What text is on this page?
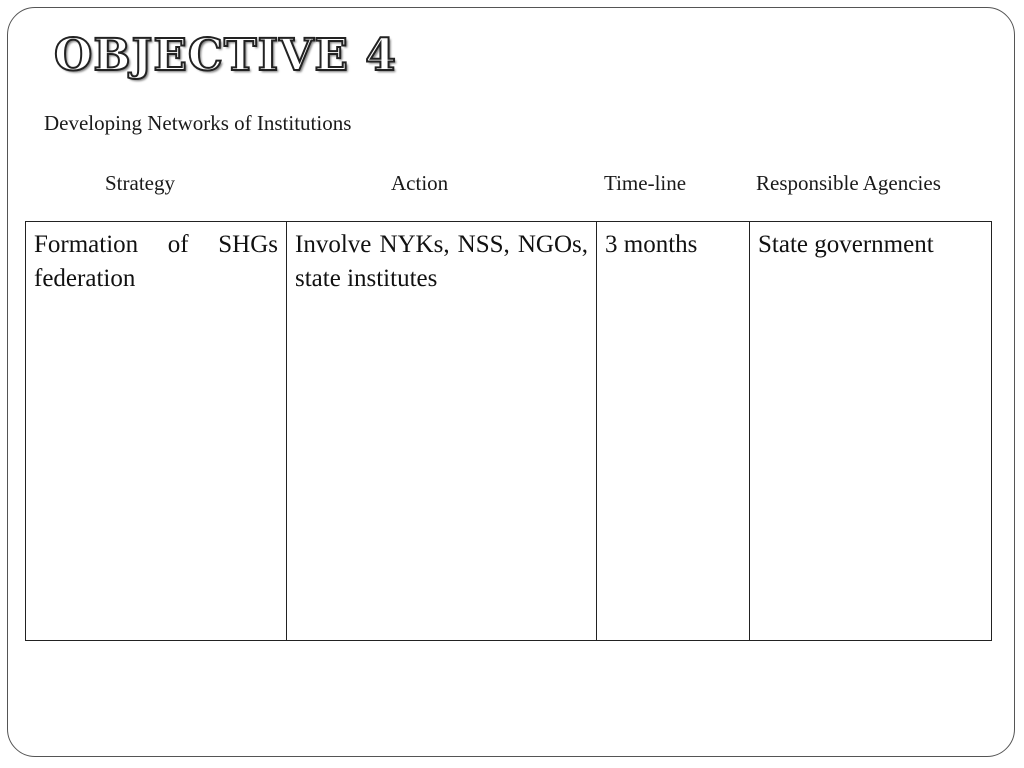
OBJECTIVE 4
Developing Networks of Institutions
Strategy	Action	Time-line	Responsible Agencies
Formation of SHGs federation	Involve NYKs, NSS, NGOs, state institutes	3 months	State government
